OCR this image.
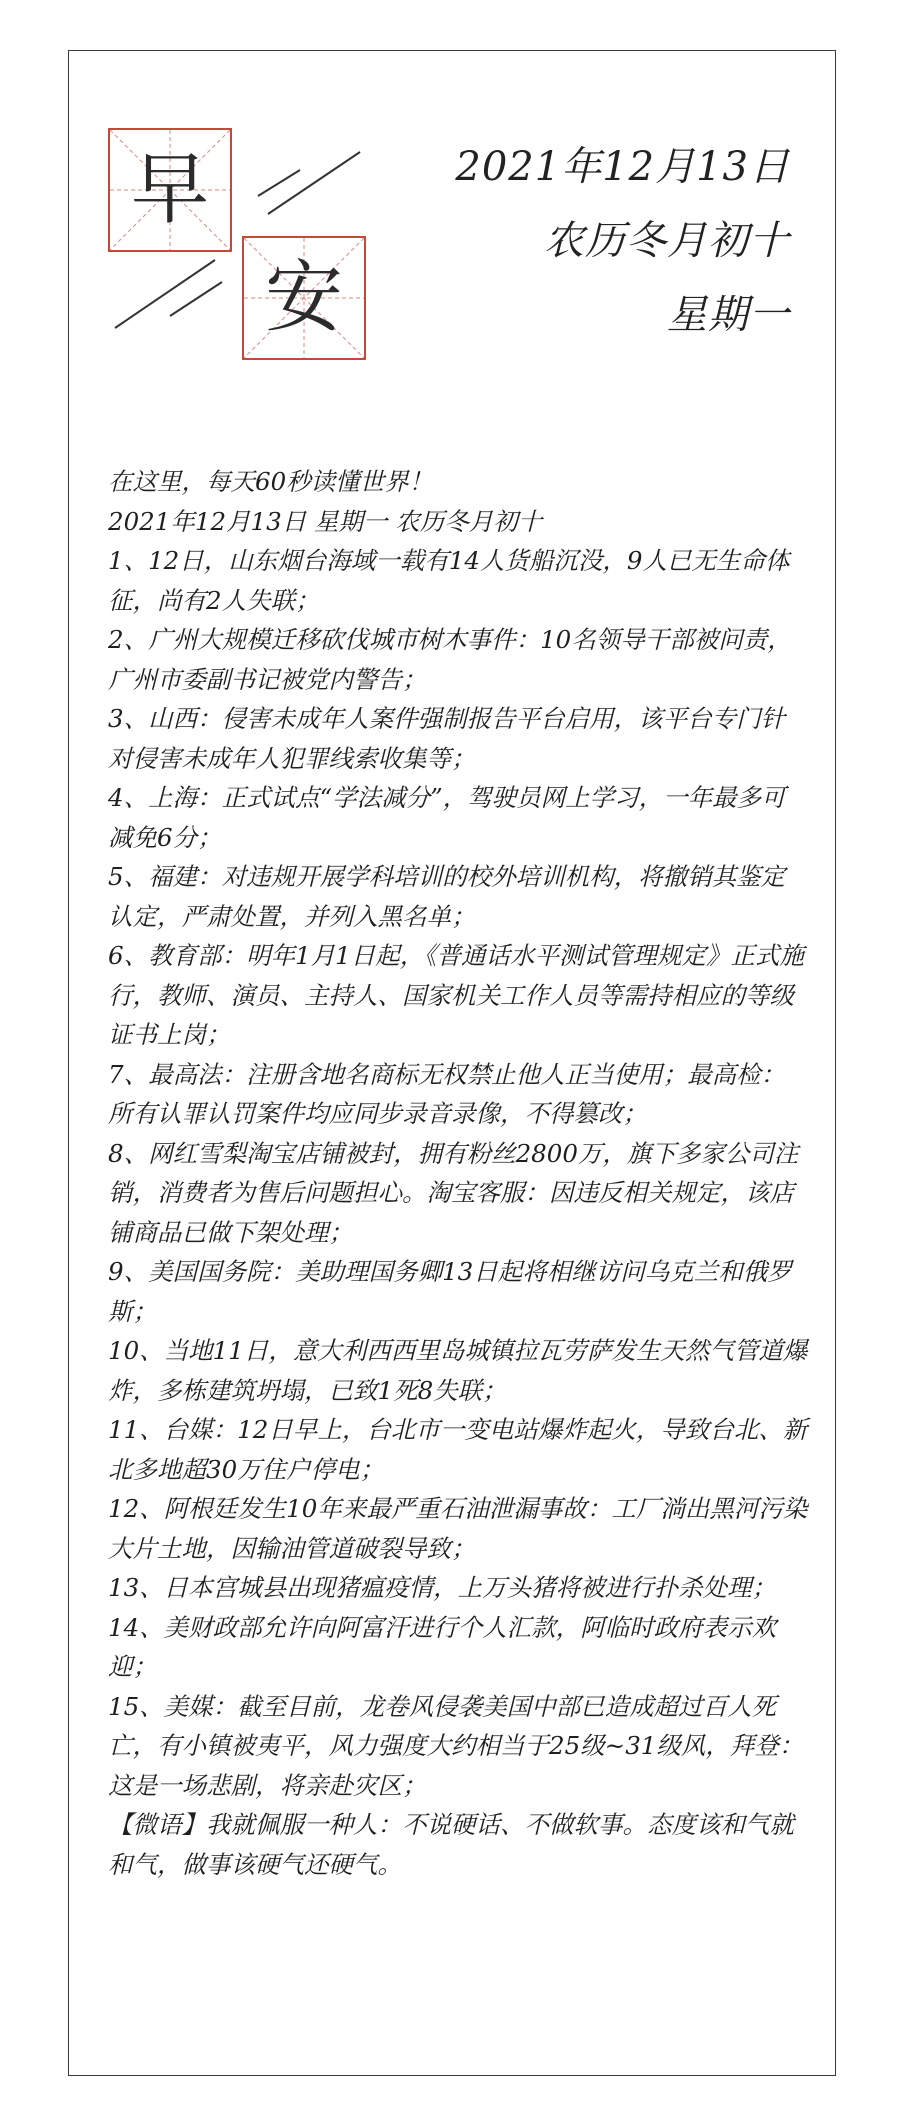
早
安
2021年12月13日
农历冬月初十
星期一

在这里，每天60秒读懂世界！

2021年12月13日 星期一 农历冬月初十

1、12日，山东烟台海域一载有14人货船沉没，9人已无生命体征，尚有2人失联；

2、广州大规模迁移砍伐城市树木事件：10名领导干部被问责，广州市委副书记被党内警告；

3、山西：侵害未成年人案件强制报告平台启用，该平台专门针对侵害未成年人犯罪线索收集等；

4、上海：正式试点“学法减分”，驾驶员网上学习，一年最多可减免6分；

5、福建：对违规开展学科培训的校外培训机构，将撤销其鉴定认定，严肃处置，并列入黑名单；

6、教育部：明年1月1日起，《普通话水平测试管理规定》正式施行，教师、演员、主持人、国家机关工作人员等需持相应的等级证书上岗；

7、最高法：注册含地名商标无权禁止他人正当使用；最高检：所有认罪认罚案件均应同步录音录像，不得篡改；

8、网红雪梨淘宝店铺被封，拥有粉丝2800万，旗下多家公司注销，消费者为售后问题担心。淘宝客服：因违反相关规定，该店铺商品已做下架处理；

9、美国国务院：美助理国务卿13日起将相继访问乌克兰和俄罗斯；

10、当地11日，意大利西西里岛城镇拉瓦劳萨发生天然气管道爆炸，多栋建筑坍塌，已致1死8失联；

11、台媒：12日早上，台北市一变电站爆炸起火，导致台北、新北多地超30万住户停电；

12、阿根廷发生10年来最严重石油泄漏事故：工厂淌出黑河污染大片土地，因输油管道破裂导致；

13、日本宫城县出现猪瘟疫情，上万头猪将被进行扑杀处理；

14、美财政部允许向阿富汗进行个人汇款，阿临时政府表示欢迎；

15、美媒：截至目前，龙卷风侵袭美国中部已造成超过百人死亡，有小镇被夷平，风力强度大约相当于25级~31级风，拜登：这是一场悲剧，将亲赴灾区；

【微语】我就佩服一种人：不说硬话、不做软事。态度该和气就和气，做事该硬气还硬气。
